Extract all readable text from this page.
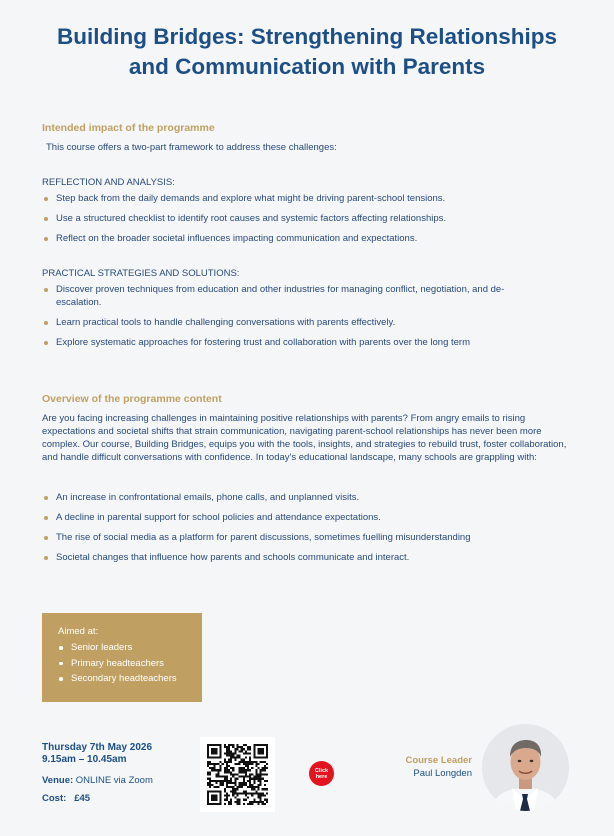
Building Bridges: Strengthening Relationships
and Communication with Parents
Intended impact of the programme
This course offers a two-part framework to address these challenges:
REFLECTION AND ANALYSIS:
Step back from the daily demands and explore what might be driving parent-school tensions.
Use a structured checklist to identify root causes and systemic factors affecting relationships.
Reflect on the broader societal influences impacting communication and expectations.
PRACTICAL STRATEGIES AND SOLUTIONS:
Discover proven techniques from education and other industries for managing conflict, negotiation, and de-escalation.
Learn practical tools to handle challenging conversations with parents effectively.
Explore systematic approaches for fostering trust and collaboration with parents over the long term
Overview of the programme content
Are you facing increasing challenges in maintaining positive relationships with parents? From angry emails to rising expectations and societal shifts that strain communication, navigating parent-school relationships has never been more complex. Our course, Building Bridges, equips you with the tools, insights, and strategies to rebuild trust, foster collaboration, and handle difficult conversations with confidence. In today's educational landscape, many schools are grappling with:
An increase in confrontational emails, phone calls, and unplanned visits.
A decline in parental support for school policies and attendance expectations.
The rise of social media as a platform for parent discussions, sometimes fuelling misunderstanding
Societal changes that influence how parents and schools communicate and interact.
Aimed at:
Senior leaders
Primary headteachers
Secondary headteachers
Thursday 7th May 2026
9.15am – 10.45am
Venue: ONLINE via Zoom
Cost: £45
Click
here
Course Leader
Paul Longden
